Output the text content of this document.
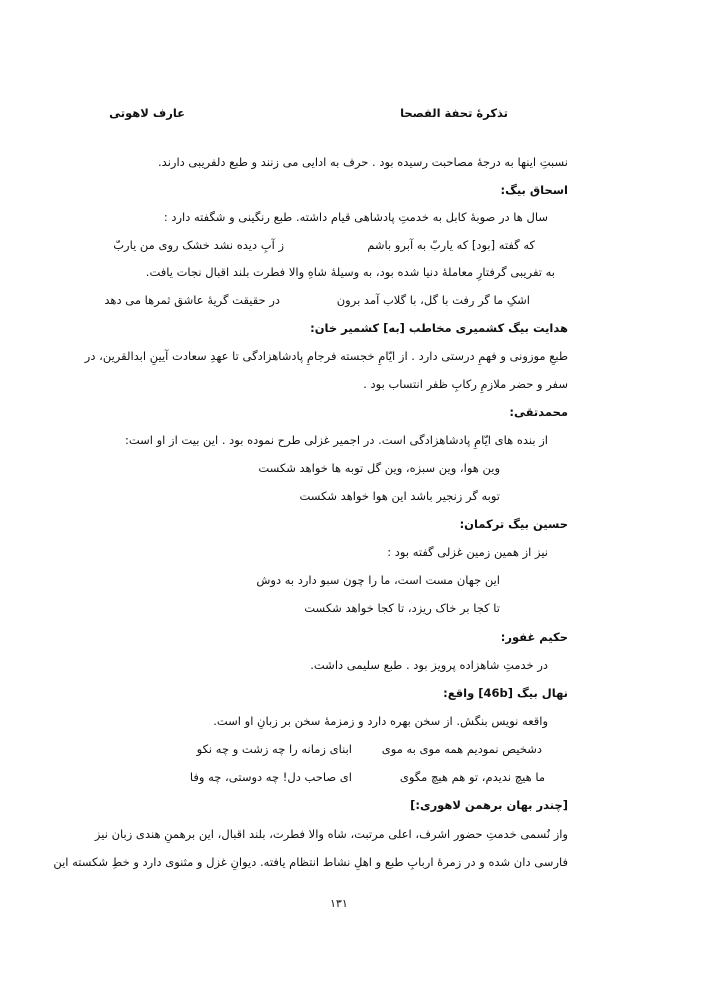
تذکرۀ تحفة الفصحا
عارف لاهوتی
نسبتِ اینها به درجۀ مصاحبت رسیده بود . حرف به ادایی می زنند و طبع دلفریبی دارند.
اسحاق بیگ:
سال ها در صوبۀ کابل به خدمتِ پادشاهی قیام داشته. طبع رنگینی و شگفته دارد :
ز آبِ دیده نشد خشک روی من یاربّ	که گفته [بود] که یاربّ به آبرو باشم
به تفریبی گرفتارِ معاملۀ دنیا شده بود، به وسیلۀ شاهِ والا فطرت بلند اقبال نجات یافت.
در حقیقت گریۀ عاشق ثمرها می دهد	اشکِ ما گر رفت با گل، با گلاب آمد برون
هدایت بیگ کشمیری مخاطب [به] کشمیر خان:
طبعِ موزونی و فهمِ درستی دارد . از ایّامِ خجسته فرجامِ پادشاهزادگی تا عهدِ سعادت آیینِ ابدالقرین، در
سفر و حضر ملازمِ رکابِ ظفر انتساب بود .
محمدتقی:
از بنده های ایّامِ پادشاهزادگی است. در اجمیر غزلی طرح نموده بود . این بیت از او است:
وین هوا، وین سبزه، وین گل توبه ها خواهد شکست
توبه گر زنجیر باشد این هوا خواهد شکست
حسین بیگ ترکمان:
نیز از همین زمین غزلی گفته بود :
این جهان مست است، ما را چون سبو دارد به دوش
تا کجا بر خاک ریزد، تا کجا خواهد شکست
حکیم غفور:
در خدمتِ شاهزاده پرویز بود . طبع سلیمی داشت.
نهال بیگ [46b] واقع:
واقعه نویس بنگش. از سخن بهره دارد و زمزمۀ سخن بر زبانِ او است.
ابنای زمانه را چه زشت و چه نکو	دشخیص نمودیم همه موی به موی
ای صاحب دل! چه دوستی، چه وفا	ما هیچ ندیدم، تو هم هیچ مگوی
[چندر بهان برهمن لاهوری:]
واز نُسمی خدمتِ حضور اشرف، اعلی مرتبت، شاه والا فطرت، بلند اقبال، این برهمنِ هندی زبان نیز
فارسی دان شده و در زمرۀ اربابِ طبع و اهلِ نشاط انتظام یافته. دیوانِ غزل و مثنوی دارد و خطِ شکسته این
۱۳۱
